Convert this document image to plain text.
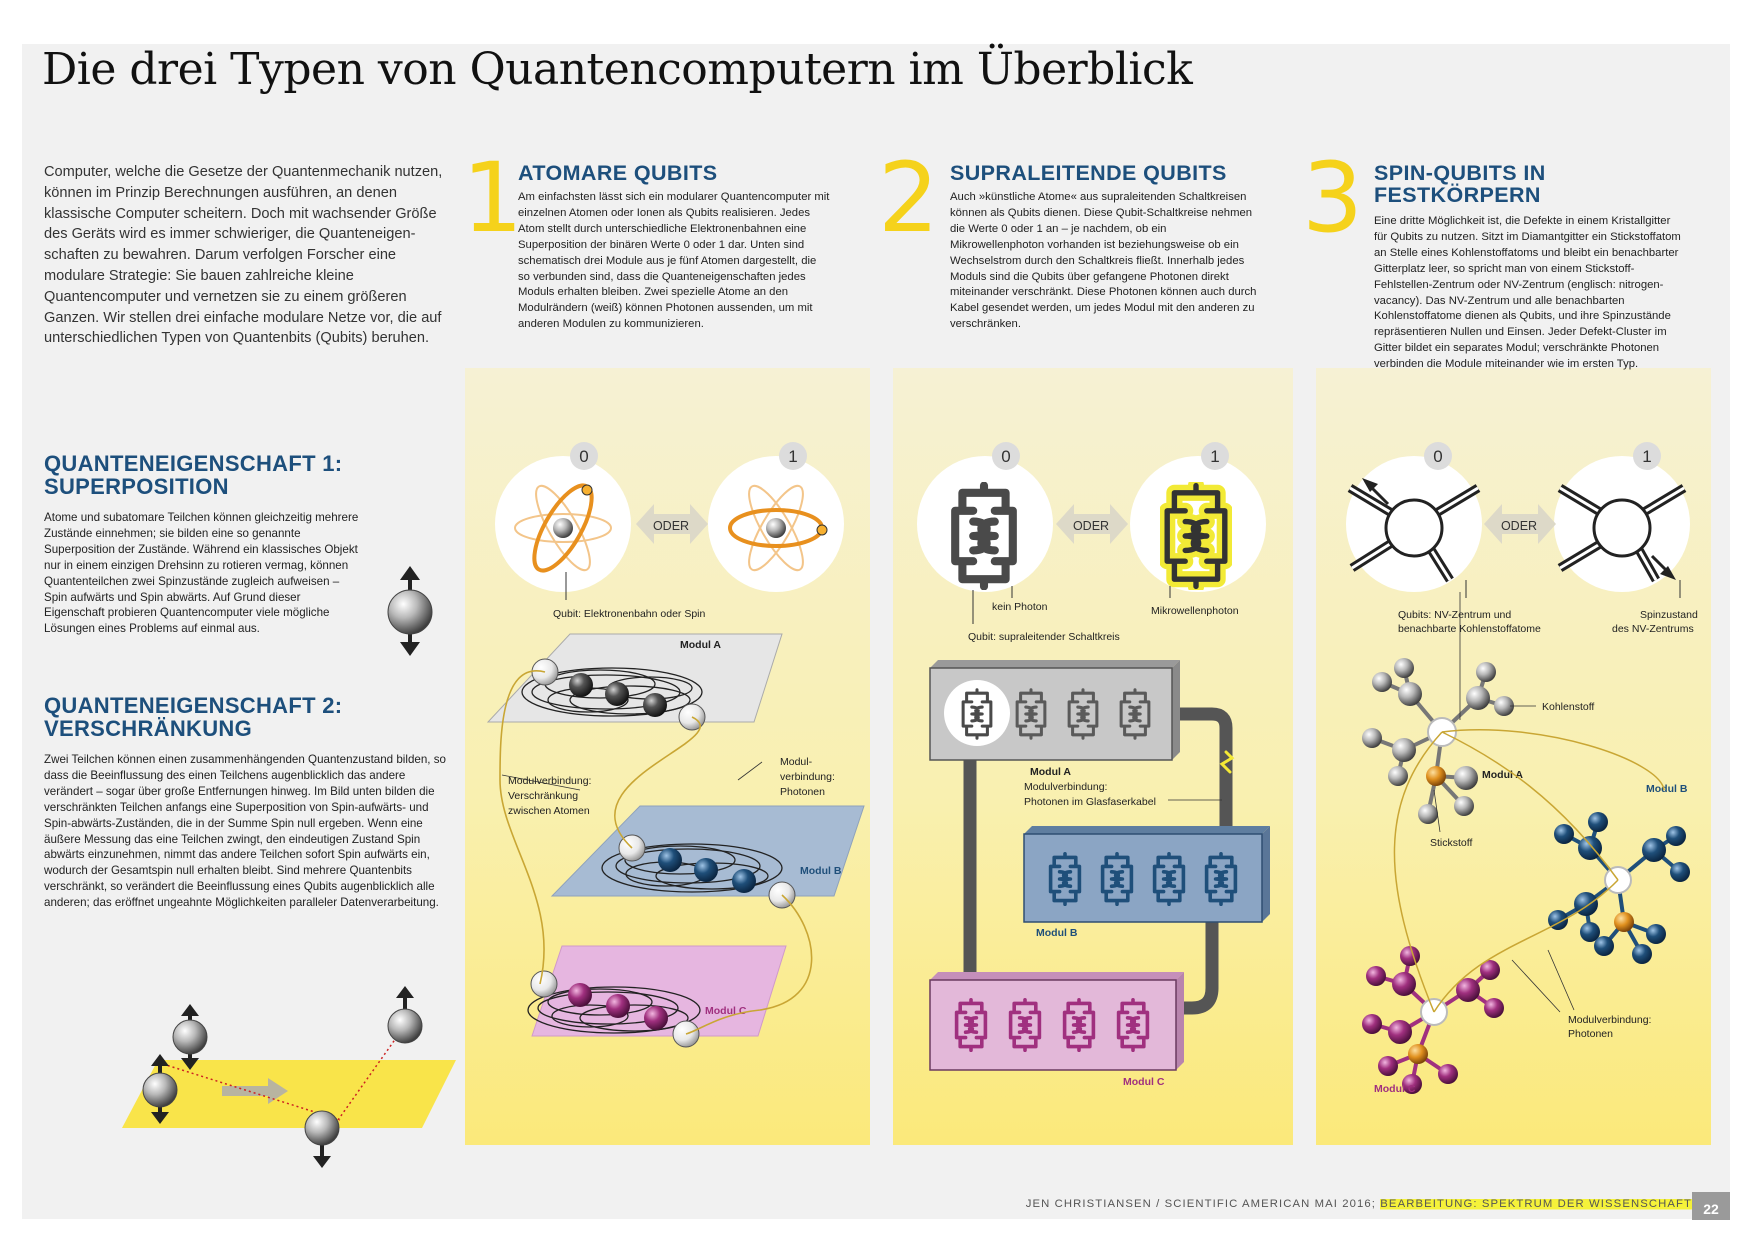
Die drei Typen von Quantencomputern im Überblick
Computer, welche die Gesetze der Quantenmechanik nutzen, können im Prinzip Berechnungen ausführen, an denen klassische Computer scheitern. Doch mit wachsender Größe des Geräts wird es immer schwieriger, die Quanteneigen-schaften zu bewahren. Darum verfolgen Forscher eine modulare Strategie: Sie bauen zahlreiche kleine Quantencomputer und vernetzen sie zu einem größeren Ganzen. Wir stellen drei einfache modulare Netze vor, die auf unterschiedlichen Typen von Quantenbits (Qubits) beruhen.
QUANTENEIGENSCHAFT 1:
SUPERPOSITION
Atome und subatomare Teilchen können gleichzeitig mehrere Zustände einnehmen; sie bilden eine so genannte Superposition der Zustände. Während ein klassisches Objekt nur in einem einzigen Drehsinn zu rotieren vermag, können Quantenteilchen zwei Spinzustände zugleich aufweisen – Spin aufwärts und Spin abwärts. Auf Grund dieser Eigenschaft probieren Quantencomputer viele mögliche Lösungen eines Problems auf einmal aus.
QUANTENEIGENSCHAFT 2:
VERSCHRÄNKUNG
Zwei Teilchen können einen zusammenhängenden Quantenzustand bilden, so dass die Beeinflussung des einen Teilchens augenblicklich das andere verändert – sogar über große Entfernungen hinweg. Im Bild unten bilden die verschränkten Teilchen anfangs eine Superposition von Spin-aufwärts- und Spin-abwärts-Zuständen, die in der Summe Spin null ergeben. Wenn eine äußere Messung das eine Teilchen zwingt, den eindeutigen Zustand Spin abwärts einzunehmen, nimmt das andere Teilchen sofort Spin aufwärts ein, wodurch der Gesamtspin null erhalten bleibt. Sind mehrere Quantenbits verschränkt, so verändert die Beeinflussung eines Qubits augenblicklich alle anderen; das eröffnet ungeahnte Möglichkeiten paralleler Datenverarbeitung.
1
ATOMARE QUBITS
Am einfachsten lässt sich ein modularer Quantencomputer mit einzelnen Atomen oder Ionen als Qubits realisieren. Jedes Atom stellt durch unterschiedliche Elektronenbahnen eine Superposition der binären Werte 0 oder 1 dar. Unten sind schematisch drei Module aus je fünf Atomen dargestellt, die so verbunden sind, dass die Quanteneigenschaften jedes Moduls erhalten bleiben. Zwei spezielle Atome an den Modulrändern (weiß) können Photonen aussenden, um mit anderen Modulen zu kommunizieren.
2 SUPRALEITENDE QUBITS
Auch »künstliche Atome« aus supraleitenden Schaltkreisen können als Qubits dienen. Diese Qubit-Schaltkreise nehmen die Werte 0 oder 1 an – je nachdem, ob ein Mikrowellenphoton vorhanden ist beziehungsweise ob ein Wechselstrom durch den Schaltkreis fließt. Innerhalb jedes Moduls sind die Qubits über gefangene Photonen direkt miteinander verschränkt. Diese Photonen können auch durch Kabel gesendet werden, um jedes Modul mit den anderen zu verschränken.
3 SPIN-QUBITS IN
FESTKÖRPERN
Eine dritte Möglichkeit ist, die Defekte in einem Kristallgitter für Qubits zu nutzen. Sitzt im Diamantgitter ein Stickstoffatom an Stelle eines Kohlenstoffatoms und bleibt ein benachbarter Gitterplatz leer, so spricht man von einem Stickstoff-Fehlstellen-Zentrum oder NV-Zentrum (englisch: nitrogen-vacancy). Das NV-Zentrum und alle benachbarten Kohlenstoffatome dienen als Qubits, und ihre Spinzustände repräsentieren Nullen und Einsen. Jeder Defekt-Cluster im Gitter bildet ein separates Modul; verschränkte Photonen verbinden die Module miteinander wie im ersten Typ.
0	1
ODER
Qubit: Elektronenbahn oder Spin
Modul A
Modul B
Modul C
Modulverbindung:
Verschränkung
zwischen Atomen
Modul-
verbindung:
Photonen
0	1
ODER
kein Photon	Mikrowellenphoton
Qubit: supraleitender Schaltkreis
Modul A
Modulverbindung:
Photonen im Glasfaserkabel
Modul B
Modul C
0	1
ODER
Qubits: NV-Zentrum und
benachbarte Kohlenstoffatome
Spinzustand
des NV-Zentrums
Kohlenstoff
Modul A
Stickstoff
Modul B
Modul C
Modulverbindung:
Photonen
JEN CHRISTIANSEN / SCIENTIFIC AMERICAN MAI 2016; BEARBEITUNG: SPEKTRUM DER WISSENSCHAFT 22
